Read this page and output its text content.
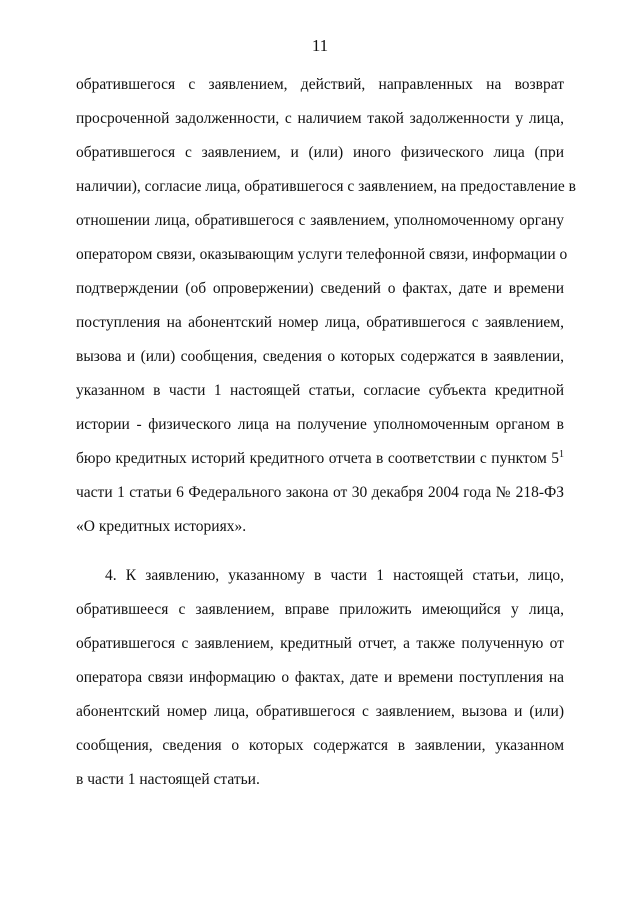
11
обратившегося с заявлением, действий, направленных на возврат
просроченной задолженности, с наличием такой задолженности у лица,
обратившегося с заявлением, и (или) иного физического лица (при
наличии), согласие лица, обратившегося с заявлением, на предоставление в
отношении лица, обратившегося с заявлением, уполномоченному органу
оператором связи, оказывающим услуги телефонной связи, информации о
подтверждении (об опровержении) сведений о фактах, дате и времени
поступления на абонентский номер лица, обратившегося с заявлением,
вызова и (или) сообщения, сведения о которых содержатся в заявлении,
указанном в части 1 настоящей статьи, согласие субъекта кредитной
истории - физического лица на получение уполномоченным органом в
бюро кредитных историй кредитного отчета в соответствии с пунктом $5^1$
части 1 статьи 6 Федерального закона от 30 декабря 2004 года № 218-ФЗ
«О кредитных историях».
4. К заявлению, указанному в части 1 настоящей статьи, лицо,
обратившееся с заявлением, вправе приложить имеющийся у лица,
обратившегося с заявлением, кредитный отчет, а также полученную от
оператора связи информацию о фактах, дате и времени поступления на
абонентский номер лица, обратившегося с заявлением, вызова и (или)
сообщения, сведения о которых содержатся в заявлении, указанном
в части 1 настоящей статьи.
